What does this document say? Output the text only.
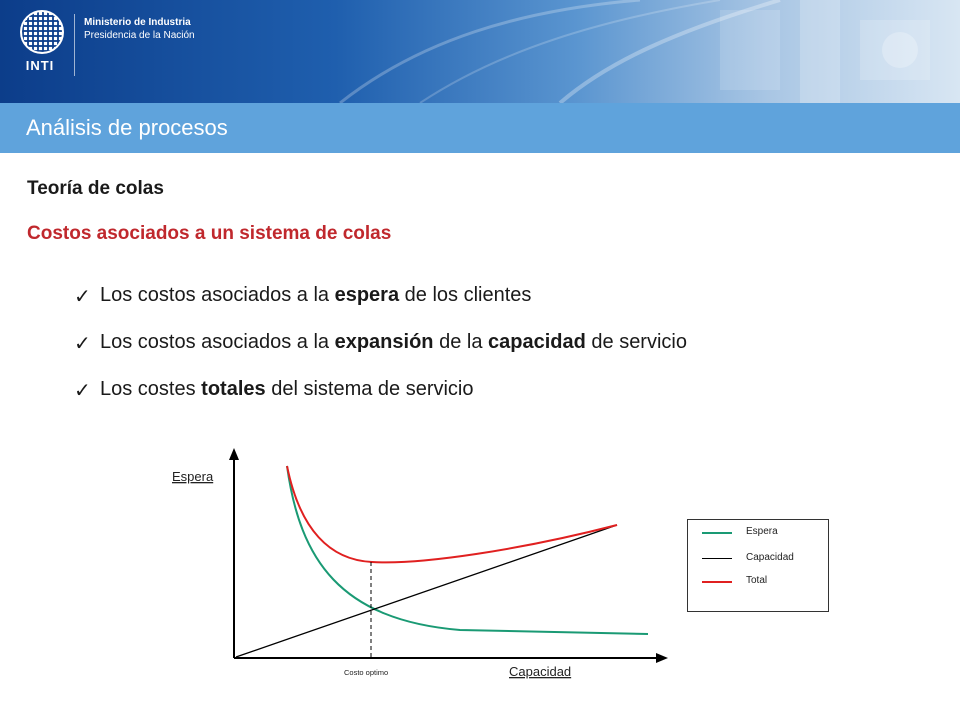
INTI
Ministerio de Industria
Presidencia de la Nación
Análisis de procesos
Teoría de colas
Costos asociados a un sistema de colas
✓ Los costos asociados a la espera de los clientes
✓ Los costos asociados a la expansión de la capacidad de servicio
✓ Los costes totales del sistema de servicio
Espera
Capacidad
Costo optimo
Espera
Capacidad
Total
